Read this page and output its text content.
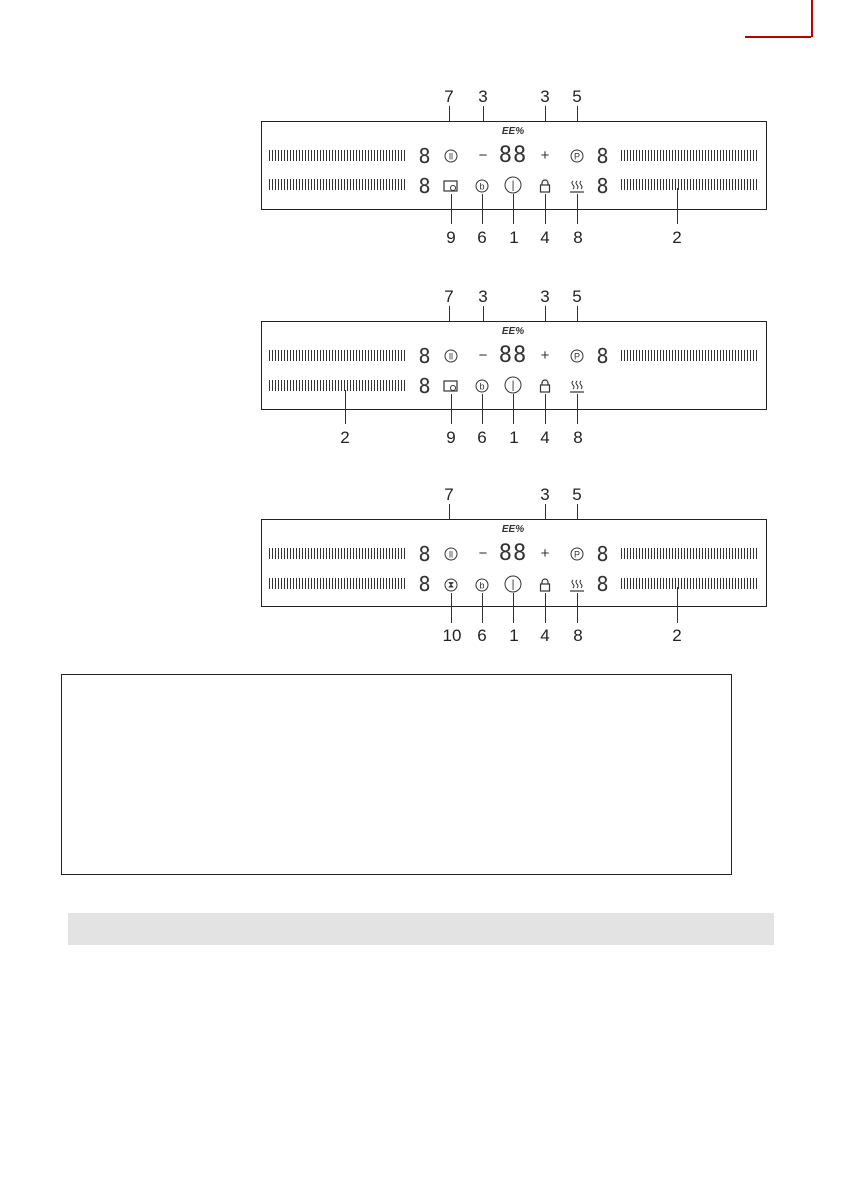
7 3	3 5
8
8
8
8
EE%
88
ll	−	+	P
b	|
9 6 1 4 8	2
7 3	3 5
8
8
8
EE%
88
ll	−	+	P
b	|
2	9 6 1 4 8
7	3 5
8
8
8
8
EE%
88
ll	−	+	P
⧗	b	|
10 6 1 4 8	2
